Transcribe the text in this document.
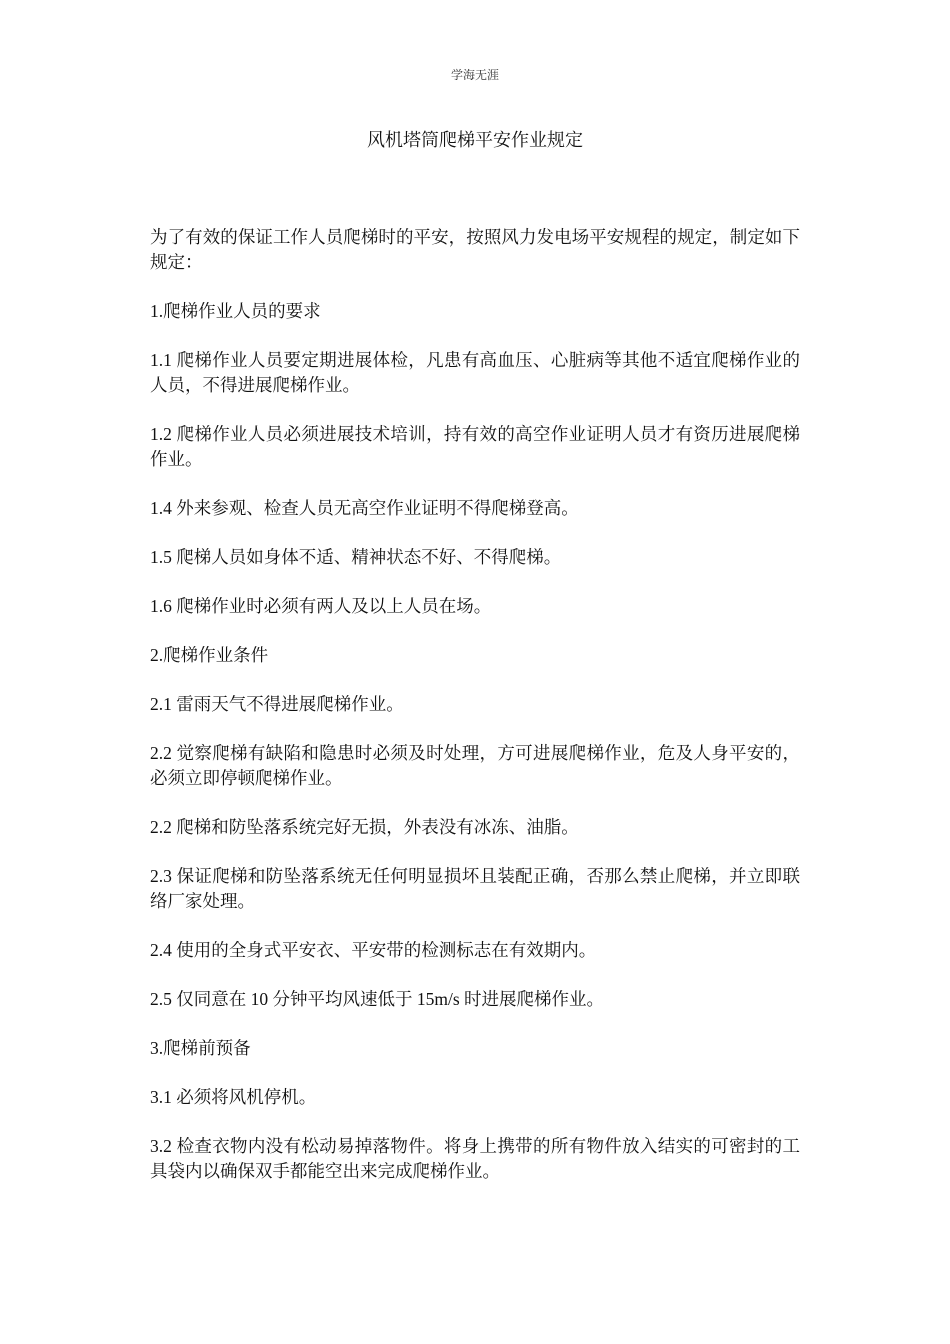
学海无涯
风机塔筒爬梯平安作业规定

为了有效的保证工作人员爬梯时的平安，按照风力发电场平安规程的规定，制定如下规定：

1.爬梯作业人员的要求

1.1 爬梯作业人员要定期进展体检，凡患有高血压、心脏病等其他不适宜爬梯作业的人员，不得进展爬梯作业。

1.2 爬梯作业人员必须进展技术培训，持有效的高空作业证明人员才有资历进展爬梯作业。

1.4 外来参观、检查人员无高空作业证明不得爬梯登高。

1.5 爬梯人员如身体不适、精神状态不好、不得爬梯。

1.6 爬梯作业时必须有两人及以上人员在场。

2.爬梯作业条件

2.1 雷雨天气不得进展爬梯作业。

2.2 觉察爬梯有缺陷和隐患时必须及时处理，方可进展爬梯作业，危及人身平安的，必须立即停顿爬梯作业。

2.2 爬梯和防坠落系统完好无损，外表没有冰冻、油脂。

2.3 保证爬梯和防坠落系统无任何明显损坏且装配正确，否那么禁止爬梯，并立即联络厂家处理。

2.4 使用的全身式平安衣、平安带的检测标志在有效期内。

2.5 仅同意在 10 分钟平均风速低于 15m/s 时进展爬梯作业。

3.爬梯前预备

3.1 必须将风机停机。

3.2 检查衣物内没有松动易掉落物件。将身上携带的所有物件放入结实的可密封的工具袋内以确保双手都能空出来完成爬梯作业。
